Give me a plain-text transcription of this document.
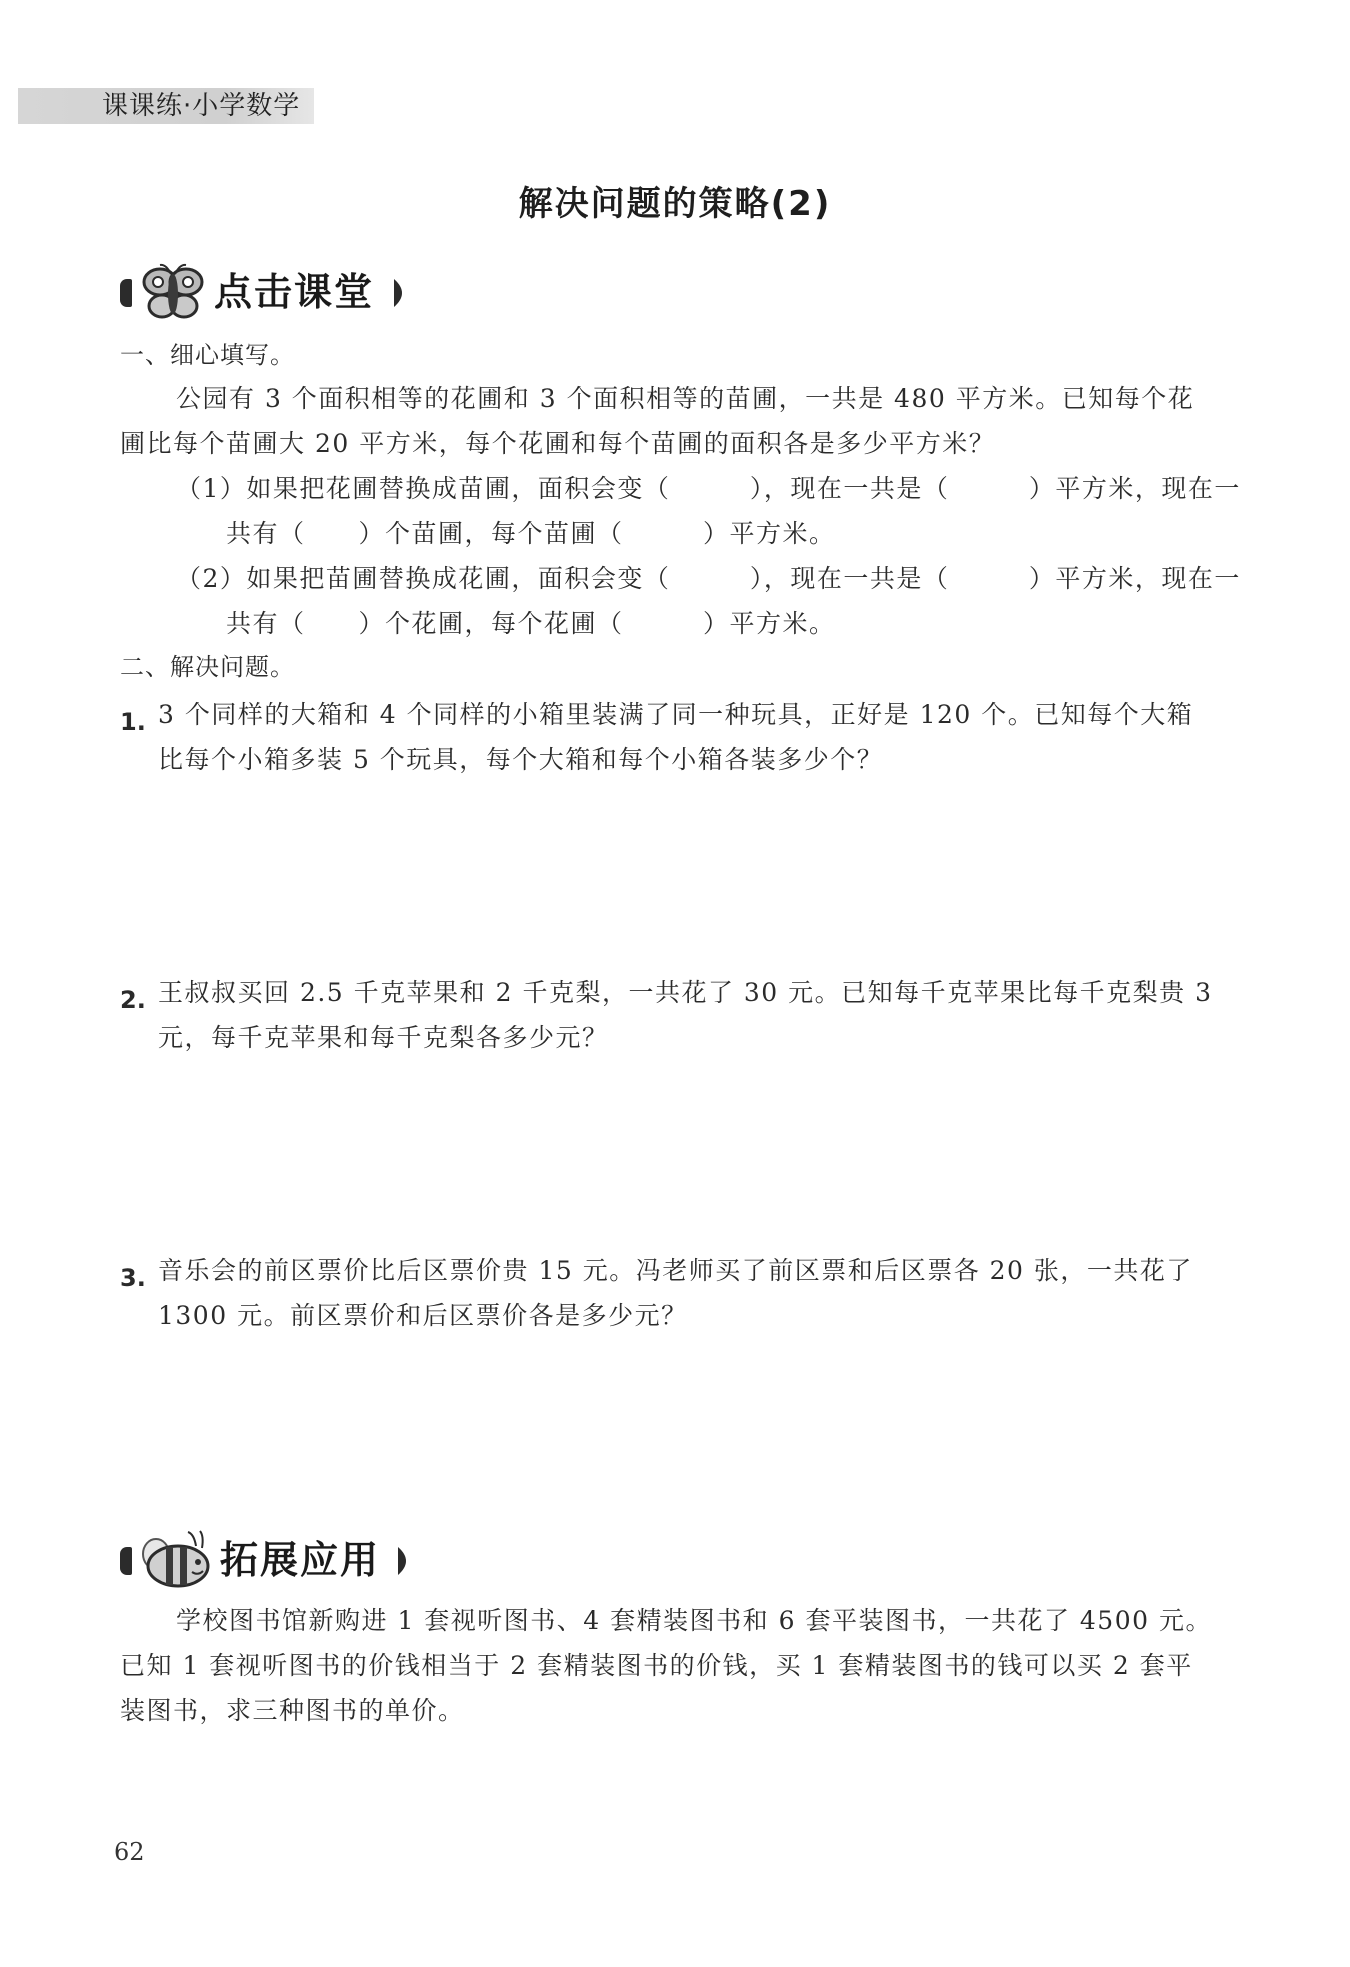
课课练·小学数学
解决问题的策略(2)
点击课堂
一、细心填写。
公园有 3 个面积相等的花圃和 3 个面积相等的苗圃，一共是 480 平方米。已知每个花
圃比每个苗圃大 20 平方米，每个花圃和每个苗圃的面积各是多少平方米？
（1）如果把花圃替换成苗圃，面积会变（　　　），现在一共是（　　　）平方米，现在一
共有（　　）个苗圃，每个苗圃（　　　）平方米。
（2）如果把苗圃替换成花圃，面积会变（　　　），现在一共是（　　　）平方米，现在一
共有（　　）个花圃，每个花圃（　　　）平方米。
二、解决问题。
1. 3 个同样的大箱和 4 个同样的小箱里装满了同一种玩具，正好是 120 个。已知每个大箱
比每个小箱多装 5 个玩具，每个大箱和每个小箱各装多少个？
2. 王叔叔买回 2.5 千克苹果和 2 千克梨，一共花了 30 元。已知每千克苹果比每千克梨贵 3
元，每千克苹果和每千克梨各多少元？
3. 音乐会的前区票价比后区票价贵 15 元。冯老师买了前区票和后区票各 20 张，一共花了
1300 元。前区票价和后区票价各是多少元？
拓展应用
学校图书馆新购进 1 套视听图书、4 套精装图书和 6 套平装图书，一共花了 4500 元。
已知 1 套视听图书的价钱相当于 2 套精装图书的价钱，买 1 套精装图书的钱可以买 2 套平
装图书，求三种图书的单价。
62
